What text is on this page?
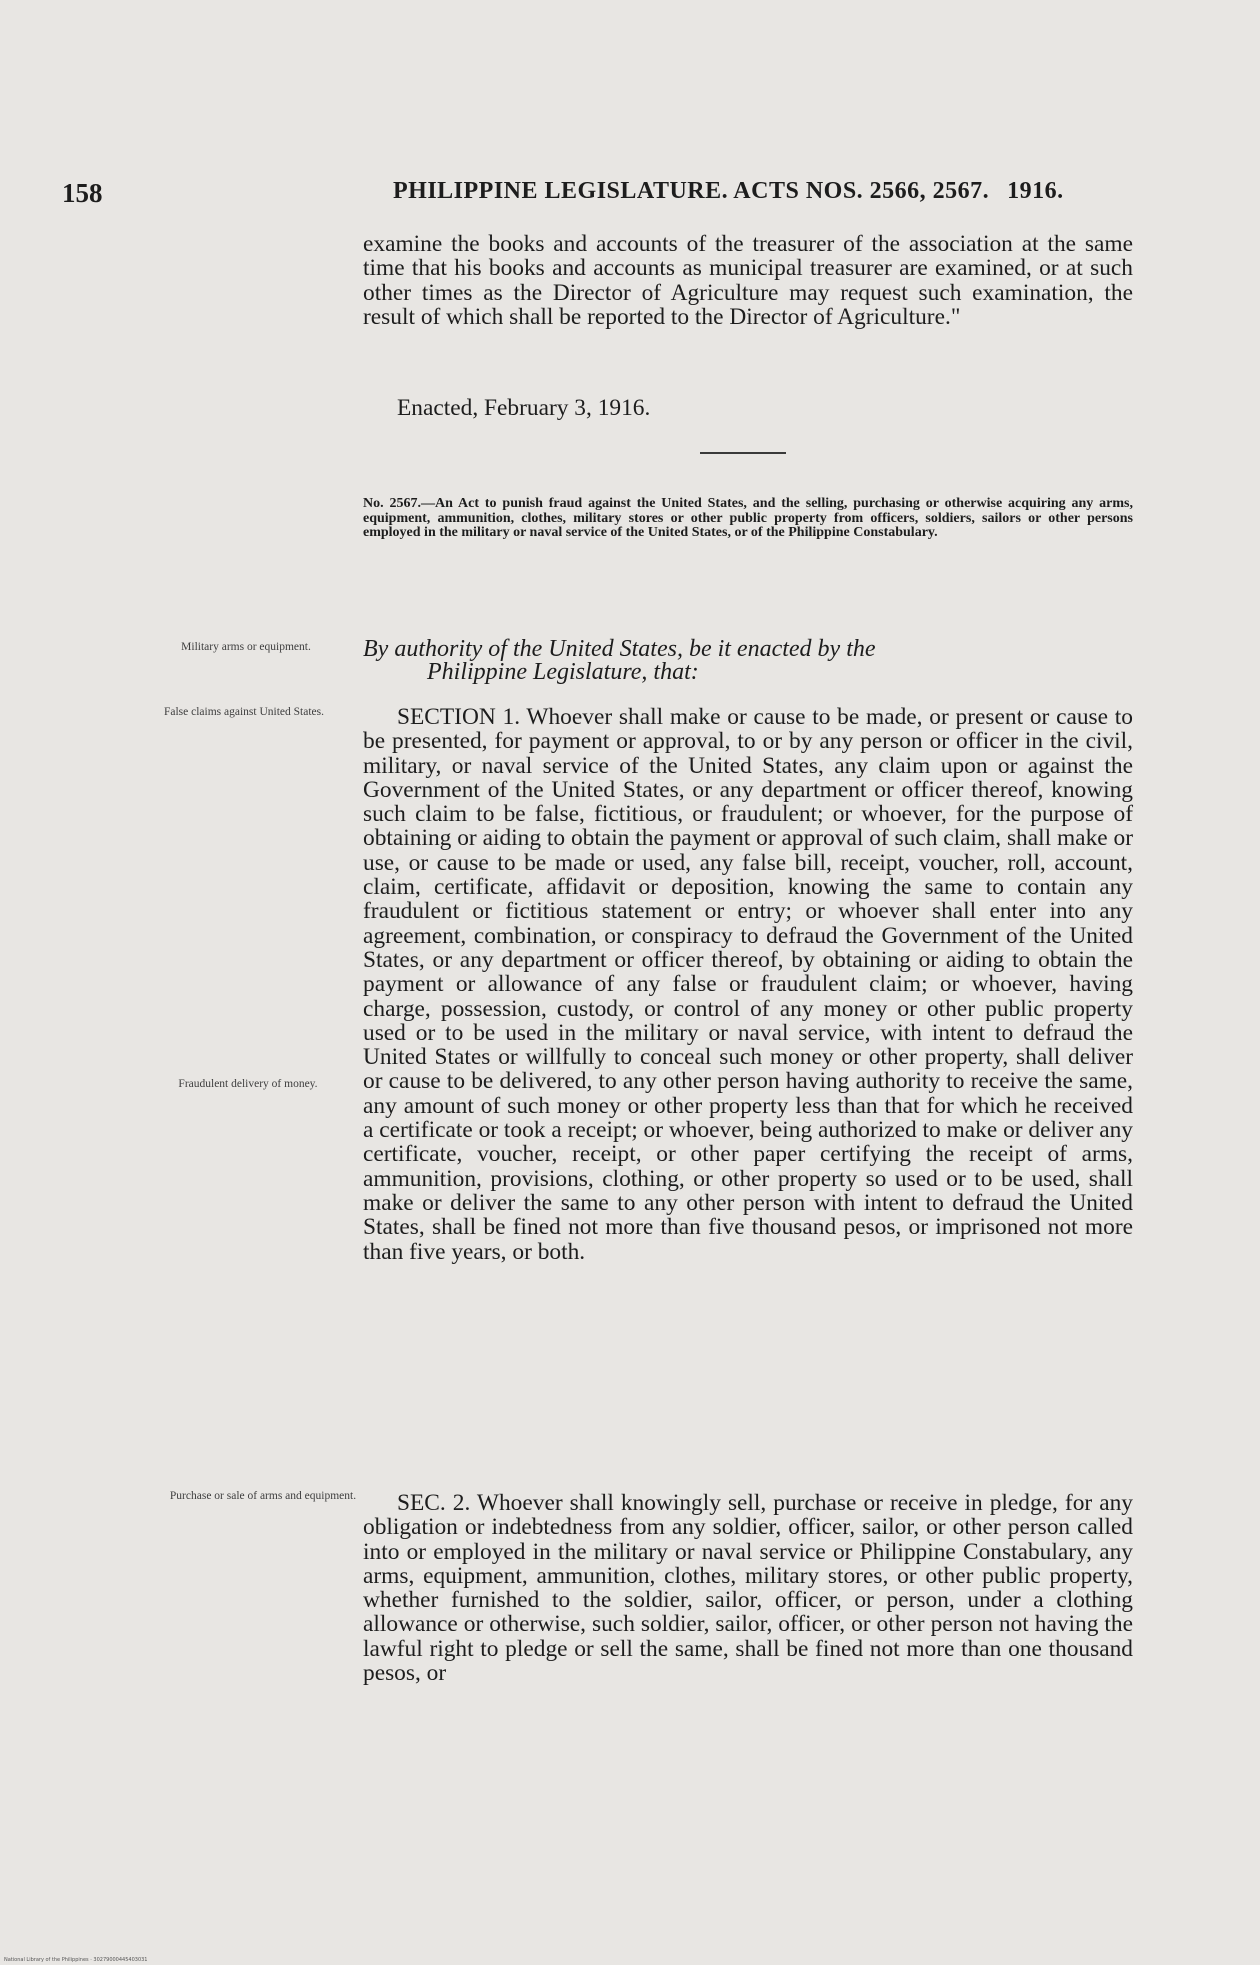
158	PHILIPPINE LEGISLATURE. ACTS NOS. 2566, 2567. 1916.

examine the books and accounts of the treasurer of the association at the same time that his books and accounts as municipal treasurer are examined, or at such other times as the Director of Agriculture may request such examination, the result of which shall be reported to the Director of Agriculture."

Enacted, February 3, 1916.
No. 2567.—An Act to punish fraud against the United States, and the selling, purchasing or otherwise acquiring any arms, equipment, ammunition, clothes, military stores or other public property from officers, soldiers, sailors or other persons employed in the military or naval service of the United States, or of the Philippine Constabulary.
By authority of the United States, be it enacted by the
Philippine Legislature, that:

SECTION 1. Whoever shall make or cause to be made, or present or cause to be presented, for payment or approval, to or by any person or officer in the civil, military, or naval service of the United States, any claim upon or against the Government of the United States, or any department or officer thereof, knowing such claim to be false, fictitious, or fraudulent; or whoever, for the purpose of obtaining or aiding to obtain the payment or approval of such claim, shall make or use, or cause to be made or used, any false bill, receipt, voucher, roll, account, claim, certificate, affidavit or deposition, knowing the same to contain any fraudulent or fictitious statement or entry; or whoever shall enter into any agreement, combination, or conspiracy to defraud the Government of the United States, or any department or officer thereof, by obtaining or aiding to obtain the payment or allowance of any false or fraudulent claim; or whoever, having charge, possession, custody, or control of any money or other public property used or to be used in the military or naval service, with intent to defraud the United States or willfully to conceal such money or other property, shall deliver or cause to be delivered, to any other person having authority to receive the same, any amount of such money or other property less than that for which he received a certificate or took a receipt; or whoever, being authorized to make or deliver any certificate, voucher, receipt, or other paper certifying the receipt of arms, ammunition, provisions, clothing, or other property so used or to be used, shall make or deliver the same to any other person with intent to defraud the United States, shall be fined not more than five thousand pesos, or imprisoned not more than five years, or both.

SEC. 2. Whoever shall knowingly sell, purchase or receive in pledge, for any obligation or indebtedness from any soldier, officer, sailor, or other person called into or employed in the military or naval service or Philippine Constabulary, any arms, equipment, ammunition, clothes, military stores, or other public property, whether furnished to the soldier, sailor, officer, or person, under a clothing allowance or otherwise, such soldier, sailor, officer, or other person not having the lawful right to pledge or sell the same, shall be fined not more than one thousand pesos, or

Military arms or equipment.
False claims against United States.
Fraudulent delivery of money.
Purchase or sale of arms and equipment.
National Library of the Philippines · 30279000445403031
